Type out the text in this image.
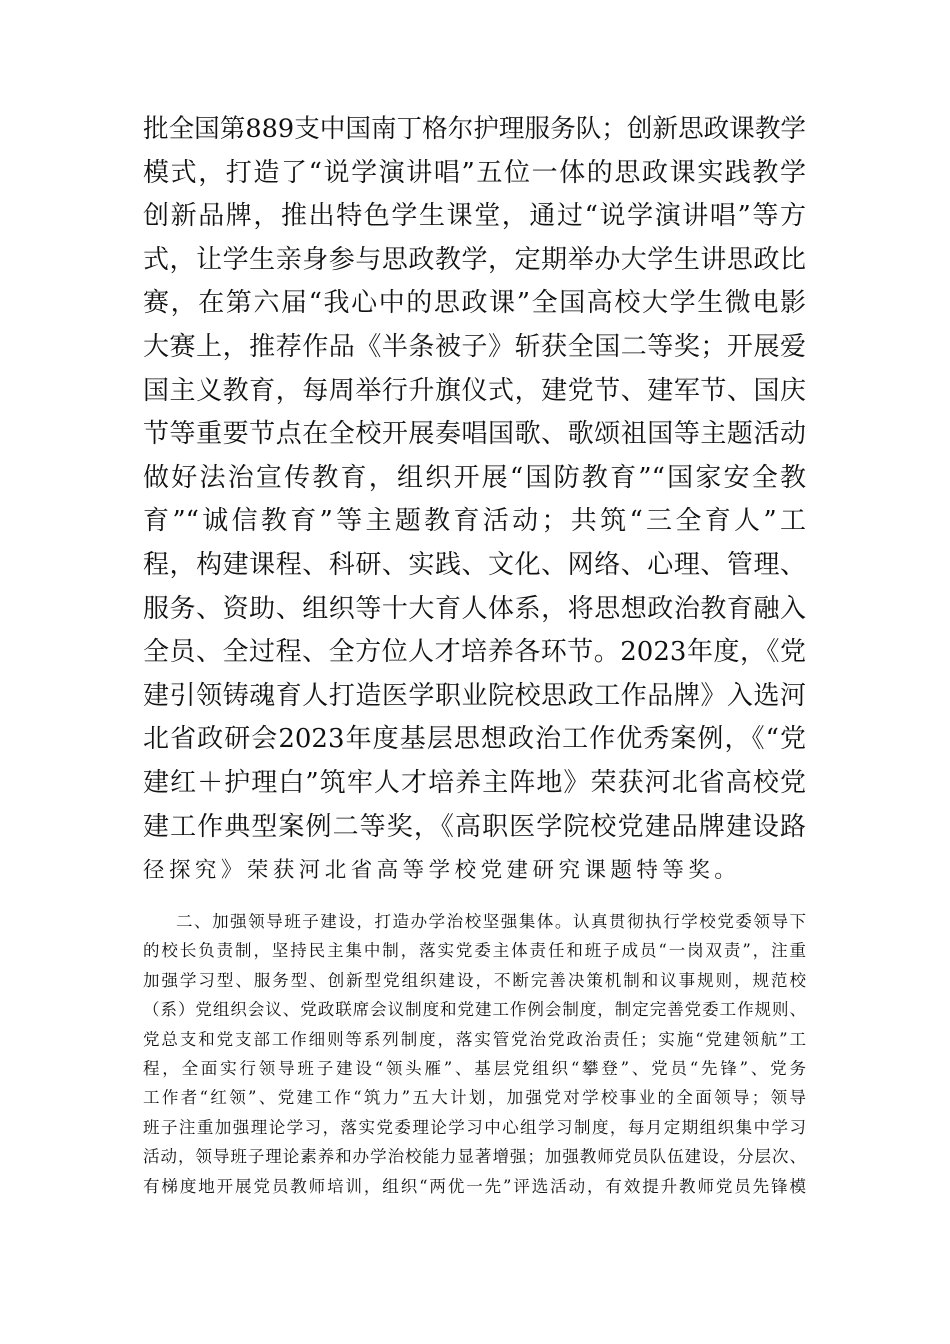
批全国第889支中国南丁格尔护理服务队；创新思政课教学
模式，打造了“说学演讲唱”五位一体的思政课实践教学
创新品牌，推出特色学生课堂，通过“说学演讲唱”等方
式，让学生亲身参与思政教学，定期举办大学生讲思政比
赛，在第六届“我心中的思政课”全国高校大学生微电影
大赛上，推荐作品《半条被子》斩获全国二等奖；开展爱
国主义教育，每周举行升旗仪式，建党节、建军节、国庆
节等重要节点在全校开展奏唱国歌、歌颂祖国等主题活动
做好法治宣传教育，组织开展“国防教育”“国家安全教
育”“诚信教育”等主题教育活动；共筑“三全育人”工
程，构建课程、科研、实践、文化、网络、心理、管理、
服务、资助、组织等十大育人体系，将思想政治教育融入
全员、全过程、全方位人才培养各环节。2023年度，《党
建引领铸魂育人打造医学职业院校思政工作品牌》入选河
北省政研会2023年度基层思想政治工作优秀案例，《“党
建红＋护理白”筑牢人才培养主阵地》荣获河北省高校党
建工作典型案例二等奖，《高职医学院校党建品牌建设路
径探究》荣获河北省高等学校党建研究课题特等奖。
二、加强领导班子建设，打造办学治校坚强集体。认真贯彻执行学校党委领导下
的校长负责制，坚持民主集中制，落实党委主体责任和班子成员“一岗双责”，注重
加强学习型、服务型、创新型党组织建设，不断完善决策机制和议事规则，规范校
（系）党组织会议、党政联席会议制度和党建工作例会制度，制定完善党委工作规则、
党总支和党支部工作细则等系列制度，落实管党治党政治责任；实施“党建领航”工
程，全面实行领导班子建设“领头雁”、基层党组织“攀登”、党员“先锋”、党务
工作者“红领”、党建工作“筑力”五大计划，加强党对学校事业的全面领导；领导
班子注重加强理论学习，落实党委理论学习中心组学习制度，每月定期组织集中学习
活动，领导班子理论素养和办学治校能力显著增强；加强教师党员队伍建设，分层次、
有梯度地开展党员教师培训，组织“两优一先”评选活动，有效提升教师党员先锋模
